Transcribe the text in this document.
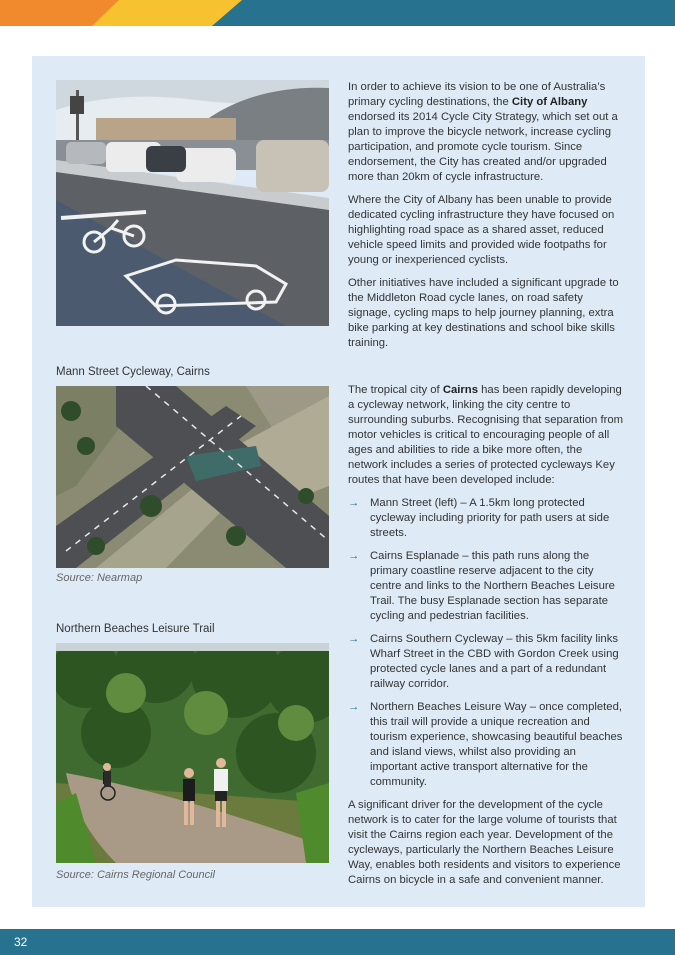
Mann Street Cycleway, Cairns
Source: Nearmap
Northern Beaches Leisure Trail
Source: Cairns Regional Council

In order to achieve its vision to be one of Australia’s primary cycling destinations, the City of Albany endorsed its 2014 Cycle City Strategy, which set out a plan to improve the bicycle network, increase cycling participation, and promote cycle tourism. Since endorsement, the City has created and/or upgraded more than 20km of cycle infrastructure.

Where the City of Albany has been unable to provide dedicated cycling infrastructure they have focused on highlighting road space as a shared asset, reduced vehicle speed limits and provided wide footpaths for young or inexperienced cyclists.

Other initiatives have included a significant upgrade to the Middleton Road cycle lanes, on road safety signage, cycling maps to help journey planning, extra bike parking at key destinations and school bike skills training.

The tropical city of Cairns has been rapidly developing a cycleway network, linking the city centre to surrounding suburbs. Recognising that separation from motor vehicles is critical to encouraging people of all ages and abilities to ride a bike more often, the network includes a series of protected cycleways Key routes that have been developed include:

→ Mann Street (left) – A 1.5km long protected cycleway including priority for path users at side streets.
→ Cairns Esplanade – this path runs along the primary coastline reserve adjacent to the city centre and links to the Northern Beaches Leisure Trail. The busy Esplanade section has separate cycling and pedestrian facilities.
→ Cairns Southern Cycleway – this 5km facility links Wharf Street in the CBD with Gordon Creek using protected cycle lanes and a part of a redundant railway corridor.
→ Northern Beaches Leisure Way – once completed, this trail will provide a unique recreation and tourism experience, showcasing beautiful beaches and island views, whilst also providing an important active transport alternative for the community.

A significant driver for the development of the cycle network is to cater for the large volume of tourists that visit the Cairns region each year. Development of the cycleways, particularly the Northern Beaches Leisure Way, enables both residents and visitors to experience Cairns on bicycle in a safe and convenient manner.

32
